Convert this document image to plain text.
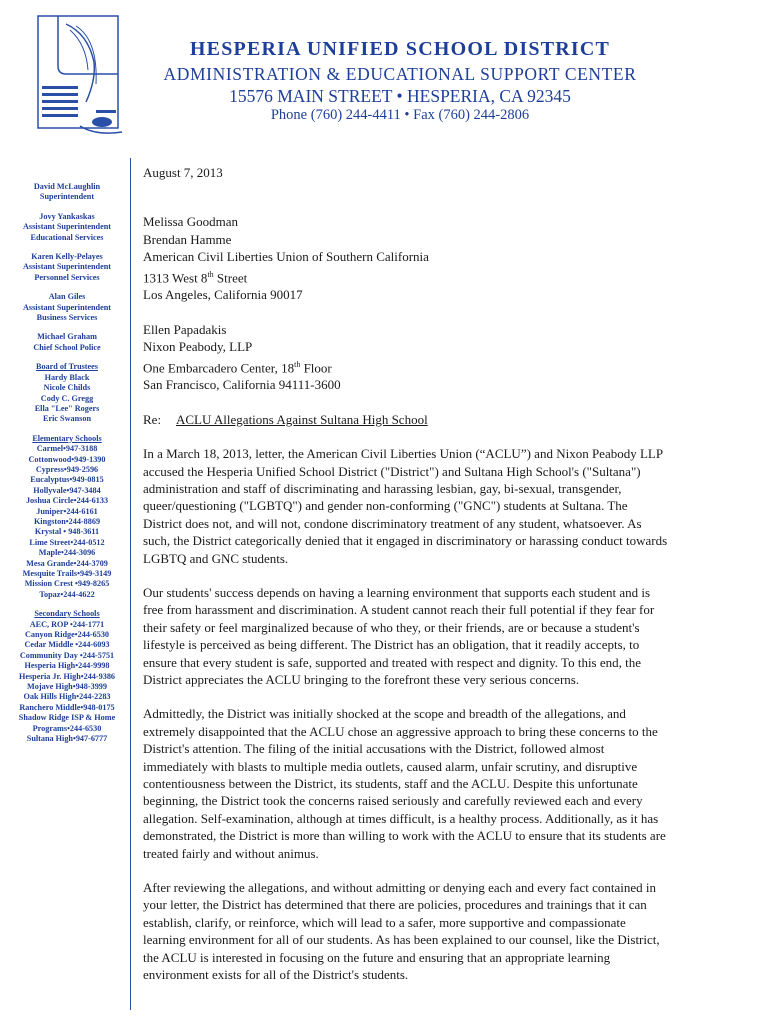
HESPERIA UNIFIED SCHOOL DISTRICT
ADMINISTRATION & EDUCATIONAL SUPPORT CENTER
15576 MAIN STREET • HESPERIA, CA 92345
Phone (760) 244-4411 • Fax (760) 244-2806
David McLaughlin
Superintendent
Jovy Yankaskas
Assistant Superintendent Educational Services
Karen Kelly-Pelayes
Assistant Superintendent Personnel Services
Alan Giles
Assistant Superintendent Business Services
Michael Graham
Chief School Police
Board of Trustees
Hardy Black
Nicole Childs
Cody C. Gregg
Ella "Lee" Rogers
Eric Swanson
Elementary Schools
Carmel•947-3188
Cottonwood•949-1390
Cypress•949-2596
Eucalyptus•949-0815
Hollyvale•947-3484
Joshua Circle•244-6133
Juniper•244-6161
Kingston•244-8869
Krystal • 948-3611
Lime Street•244-0512
Maple•244-3096
Mesa Grande•244-3709
Mesquite Trails•949-3149
Mission Crest •949-8265
Topaz•244-4622
Secondary Schools
AEC, ROP •244-1771
Canyon Ridge•244-6530
Cedar Middle •244-6093
Community Day •244-5751
Hesperia High•244-9998
Hesperia Jr. High•244-9386
Mojave High•948-3999
Oak Hills High•244-2283
Ranchero Middle•948-0175
Shadow Ridge ISP & Home Programs•244-6530
Sultana High•947-6777

August 7, 2013

Melissa Goodman

Brendan Hamme

American Civil Liberties Union of Southern California

1313 West 8th Street

Los Angeles, California 90017

Ellen Papadakis

Nixon Peabody, LLP

One Embarcadero Center, 18th Floor

San Francisco, California 94111-3600

Re:	ACLU Allegations Against Sultana High School

In a March 18, 2013, letter, the American Civil Liberties Union (“ACLU”) and Nixon Peabody LLP accused the Hesperia Unified School District ("District") and Sultana High School's ("Sultana") administration and staff of discriminating and harassing lesbian, gay, bi-sexual, transgender, queer/questioning ("LGBTQ") and gender non-conforming ("GNC") students at Sultana. The District does not, and will not, condone discriminatory treatment of any student, whatsoever. As such, the District categorically denied that it engaged in discriminatory or harassing conduct towards LGBTQ and GNC students.

Our students' success depends on having a learning environment that supports each student and is free from harassment and discrimination. A student cannot reach their full potential if they fear for their safety or feel marginalized because of who they, or their friends, are or because a student's lifestyle is perceived as being different. The District has an obligation, that it readily accepts, to ensure that every student is safe, supported and treated with respect and dignity. To this end, the District appreciates the ACLU bringing to the forefront these very serious concerns.

Admittedly, the District was initially shocked at the scope and breadth of the allegations, and extremely disappointed that the ACLU chose an aggressive approach to bring these concerns to the District's attention. The filing of the initial accusations with the District, followed almost immediately with blasts to multiple media outlets, caused alarm, unfair scrutiny, and disruptive contentiousness between the District, its students, staff and the ACLU. Despite this unfortunate beginning, the District took the concerns raised seriously and carefully reviewed each and every allegation. Self-examination, although at times difficult, is a healthy process. Additionally, as it has demonstrated, the District is more than willing to work with the ACLU to ensure that its students are treated fairly and without animus.

After reviewing the allegations, and without admitting or denying each and every fact contained in your letter, the District has determined that there are policies, procedures and trainings that it can establish, clarify, or reinforce, which will lead to a safer, more supportive and compassionate learning environment for all of our students. As has been explained to our counsel, like the District, the ACLU is interested in focusing on the future and ensuring that an appropriate learning environment exists for all of the District's students.
